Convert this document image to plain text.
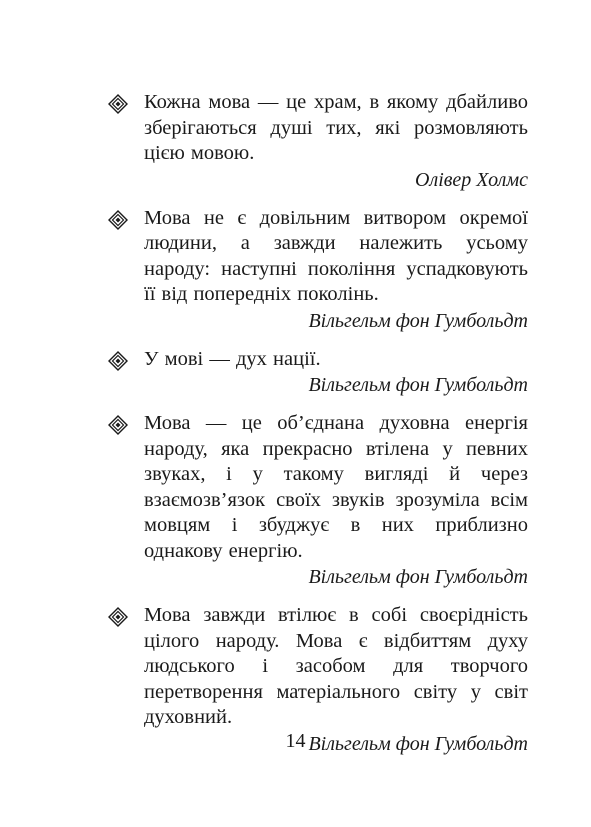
Кожна мова — це храм, в якому дбайливо зберігаються душі тих, які розмовляють цією мовою.

Олівер Холмс

Мова не є довільним витвором окремої людини, а завжди належить усьому народу: наступні покоління успадковують її від попередніх поколінь.

Вільгельм фон Гумбольдт

У мові — дух нації.

Вільгельм фон Гумбольдт

Мова — це об’єднана духовна енергія народу, яка прекрасно втілена у певних звуках, і у такому вигляді й через взаємозв’язок своїх звуків зрозуміла всім мовцям і збуджує в них приблизно однакову енергію.

Вільгельм фон Гумбольдт

Мова завжди втілює в собі своєрідність цілого народу. Мова є відбиттям духу людського і засобом для творчого перетворення матеріального світу у світ духовний.

Вільгельм фон Гумбольдт

14
